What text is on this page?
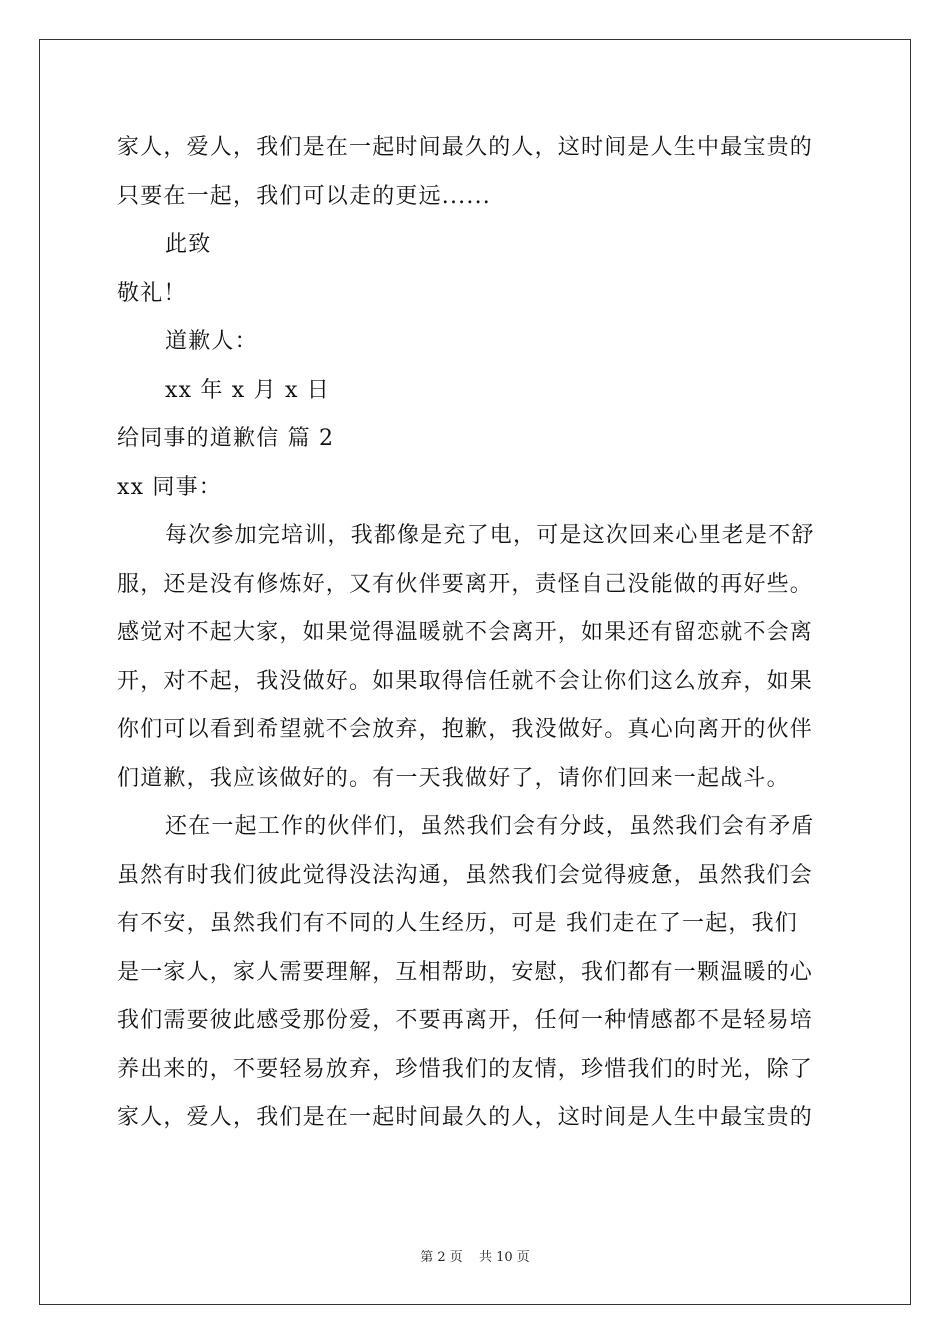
家人，爱人，我们是在一起时间最久的人，这时间是人生中最宝贵的
只要在一起，我们可以走的更远......
此致
敬礼！
道歉人：
xx 年 x 月 x 日
给同事的道歉信 篇 2
xx 同事：
每次参加完培训，我都像是充了电，可是这次回来心里老是不舒
服，还是没有修炼好，又有伙伴要离开，责怪自己没能做的再好些。
感觉对不起大家，如果觉得温暖就不会离开，如果还有留恋就不会离
开，对不起，我没做好。如果取得信任就不会让你们这么放弃，如果
你们可以看到希望就不会放弃，抱歉，我没做好。真心向离开的伙伴
们道歉，我应该做好的。有一天我做好了，请你们回来一起战斗。
还在一起工作的伙伴们，虽然我们会有分歧，虽然我们会有矛盾
虽然有时我们彼此觉得没法沟通，虽然我们会觉得疲惫，虽然我们会
有不安，虽然我们有不同的人生经历，可是 我们走在了一起，我们
是一家人，家人需要理解，互相帮助，安慰，我们都有一颗温暖的心
我们需要彼此感受那份爱，不要再离开，任何一种情感都不是轻易培
养出来的，不要轻易放弃，珍惜我们的友情，珍惜我们的时光，除了
家人，爱人，我们是在一起时间最久的人，这时间是人生中最宝贵的
第 2 页 共 10 页
